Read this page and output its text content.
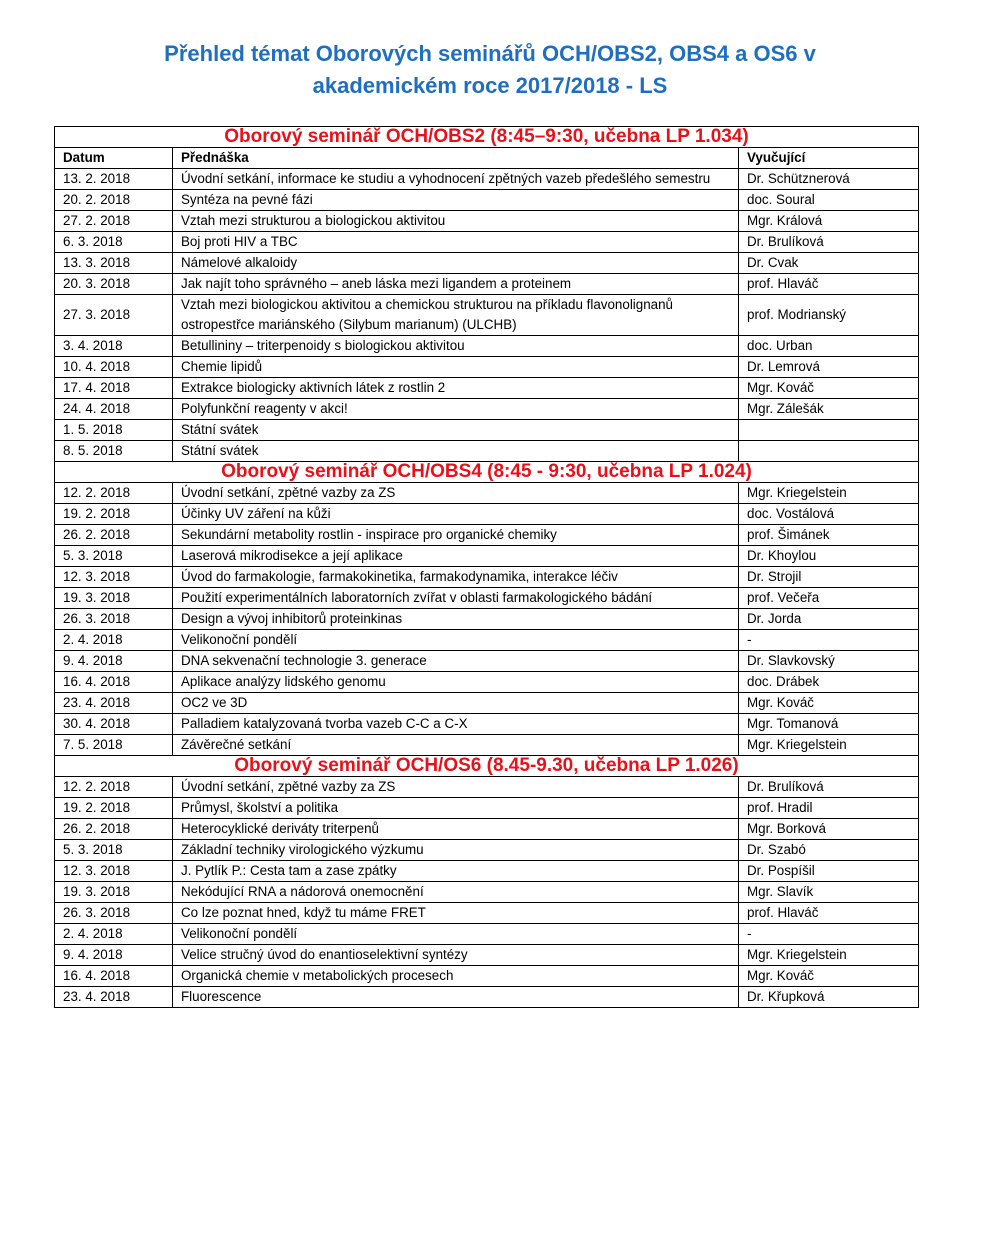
Přehled témat Oborových seminářů OCH/OBS2, OBS4 a OS6 v
akademickém roce 2017/2018 - LS
Oborový seminář OCH/OBS2 (8:45–9:30, učebna LP 1.034)		
Datum	Přednáška	Vyučující
13. 2. 2018	Úvodní setkání, informace ke studiu a vyhodnocení zpětných vazeb předešlého semestru	Dr. Schütznerová
20. 2. 2018	Syntéza na pevné fázi	doc. Soural
27. 2. 2018	Vztah mezi strukturou a biologickou aktivitou	Mgr. Králová
6. 3. 2018	Boj proti HIV a TBC	Dr. Brulíková
13. 3. 2018	Námelové alkaloidy	Dr. Cvak
20. 3. 2018	Jak najít toho správného – aneb láska mezi ligandem a proteinem	prof. Hlaváč
27. 3. 2018	Vztah mezi biologickou aktivitou a chemickou strukturou na příkladu flavonolignanů ostropestřce mariánského (Silybum marianum) (ULCHB)	prof. Modrianský
3. 4. 2018	Betullininy – triterpenoidy s biologickou aktivitou	doc. Urban
10. 4. 2018	Chemie lipidů	Dr. Lemrová
17. 4. 2018	Extrakce biologicky aktivních látek z rostlin 2	Mgr. Kováč
24. 4. 2018	Polyfunkční reagenty v akci!	Mgr. Zálešák
1. 5. 2018	Státní svátek	
8. 5. 2018	Státní svátek	
Oborový seminář OCH/OBS4 (8:45 - 9:30, učebna LP 1.024)		
12. 2. 2018	Úvodní setkání, zpětné vazby za ZS	Mgr. Kriegelstein
19. 2. 2018	Účinky UV záření na kůži	doc. Vostálová
26. 2. 2018	Sekundární metabolity rostlin - inspirace pro organické chemiky	prof. Šimánek
5. 3. 2018	Laserová mikrodisekce a její aplikace	Dr. Khoylou
12. 3. 2018	Úvod do farmakologie, farmakokinetika, farmakodynamika, interakce léčiv	Dr. Strojil
19. 3. 2018	Použití experimentálních laboratorních zvířat v oblasti farmakologického bádání	prof. Večeřa
26. 3. 2018	Design a vývoj inhibitorů proteinkinas	Dr. Jorda
2. 4. 2018	Velikonoční pondělí	-
9. 4. 2018	DNA sekvenační technologie 3. generace	Dr. Slavkovský
16. 4. 2018	Aplikace analýzy lidského genomu	doc. Drábek
23. 4. 2018	OC2 ve 3D	Mgr. Kováč
30. 4. 2018	Palladiem katalyzovaná tvorba vazeb C-C a C-X	Mgr. Tomanová
7. 5. 2018	Závěrečné setkání	Mgr. Kriegelstein
Oborový seminář OCH/OS6 (8.45-9.30, učebna LP 1.026)		
12. 2. 2018	Úvodní setkání, zpětné vazby za ZS	Dr. Brulíková
19. 2. 2018	Průmysl, školství a politika	prof. Hradil
26. 2. 2018	Heterocyklické deriváty triterpenů	Mgr. Borková
5. 3. 2018	Základní techniky virologického výzkumu	Dr. Szabó
12. 3. 2018	J. Pytlík P.: Cesta tam a zase zpátky	Dr. Pospíšil
19. 3. 2018	Nekódující RNA a nádorová onemocnění	Mgr. Slavík
26. 3. 2018	Co lze poznat hned, když tu máme FRET	prof. Hlaváč
2. 4. 2018	Velikonoční pondělí	-
9. 4. 2018	Velice stručný úvod do enantioselektivní syntézy	Mgr. Kriegelstein
16. 4. 2018	Organická chemie v metabolických procesech	Mgr. Kováč
23. 4. 2018	Fluorescence	Dr. Křupková
